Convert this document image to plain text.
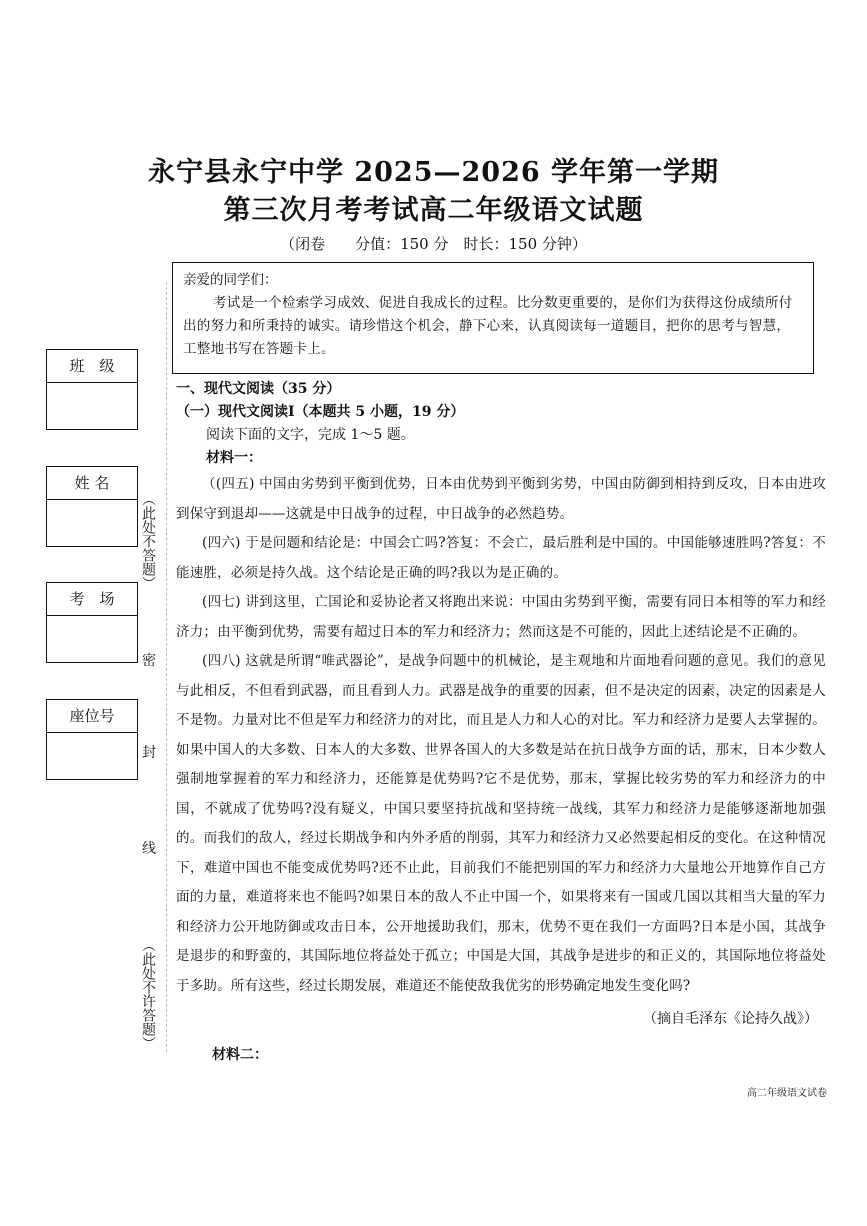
永宁县永宁中学 2025—2026 学年第一学期
第三次月考考试高二年级语文试题
（闭卷　　分值：150 分　时长：150 分钟）
亲爱的同学们：
考试是一个检索学习成效、促进自我成长的过程。比分数更重要的，是你们为获得这份成绩所付出的努力和所秉持的诚实。请珍惜这个机会，静下心来，认真阅读每一道题目，把你的思考与智慧，工整地书写在答题卡上。
班　级
姓 名
考　场
座位号
（此处不答题）
密
封
线
（此处不许答题）
一、现代文阅读（35 分）
（一）现代文阅读Ⅰ（本题共 5 小题，19 分）
阅读下面的文字，完成 1～5 题。
材料一：
（(四五) 中国由劣势到平衡到优势，日本由优势到平衡到劣势，中国由防御到相持到反攻，日本由进攻到保守到退却——这就是中日战争的过程，中日战争的必然趋势。
(四六) 于是问题和结论是：中国会亡吗?答复：不会亡，最后胜利是中国的。中国能够速胜吗?答复：不能速胜，必须是持久战。这个结论是正确的吗?我以为是正确的。
(四七) 讲到这里，亡国论和妥协论者又将跑出来说：中国由劣势到平衡，需要有同日本相等的军力和经济力；由平衡到优势，需要有超过日本的军力和经济力；然而这是不可能的，因此上述结论是不正确的。
(四八) 这就是所谓“唯武器论”，是战争问题中的机械论，是主观地和片面地看问题的意见。我们的意见与此相反，不但看到武器，而且看到人力。武器是战争的重要的因素，但不是决定的因素，决定的因素是人不是物。力量对比不但是军力和经济力的对比，而且是人力和人心的对比。军力和经济力是要人去掌握的。如果中国人的大多数、日本人的大多数、世界各国人的大多数是站在抗日战争方面的话，那末，日本少数人强制地掌握着的军力和经济力，还能算是优势吗?它不是优势，那末，掌握比较劣势的军力和经济力的中国，不就成了优势吗?没有疑义，中国只要坚持抗战和坚持统一战线，其军力和经济力是能够逐渐地加强的。而我们的敌人，经过长期战争和内外矛盾的削弱，其军力和经济力又必然要起相反的变化。在这种情况下，难道中国也不能变成优势吗?还不止此，目前我们不能把别国的军力和经济力大量地公开地算作自己方面的力量，难道将来也不能吗?如果日本的敌人不止中国一个，如果将来有一国或几国以其相当大量的军力和经济力公开地防御或攻击日本，公开地援助我们，那末，优势不更在我们一方面吗?日本是小国，其战争是退步的和野蛮的，其国际地位将益处于孤立；中国是大国，其战争是进步的和正义的，其国际地位将益处于多助。所有这些，经过长期发展，难道还不能使敌我优劣的形势确定地发生变化吗?
（摘自毛泽东《论持久战》）
材料二：
高二年级语文试卷
